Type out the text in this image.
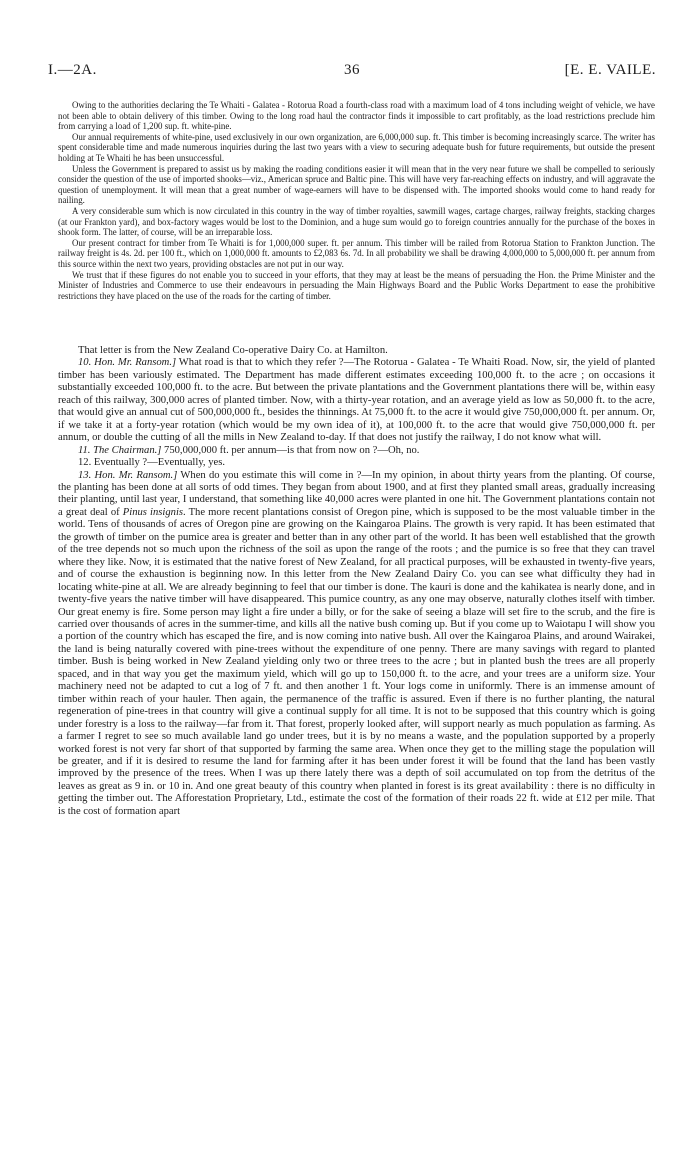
I.—2A.	36	[E. E. VAILE.

Owing to the authorities declaring the Te Whaiti - Galatea - Rotorua Road a fourth-class road with a maximum load of 4 tons including weight of vehicle, we have not been able to obtain delivery of this timber. Owing to the long road haul the contractor finds it impossible to cart profitably, as the load restrictions preclude him from carrying a load of 1,200 sup. ft. white-pine.

Our annual requirements of white-pine, used exclusively in our own organization, are 6,000,000 sup. ft. This timber is becoming increasingly scarce. The writer has spent considerable time and made numerous inquiries during the last two years with a view to securing adequate bush for future requirements, but outside the present holding at Te Whaiti he has been unsuccessful.

Unless the Government is prepared to assist us by making the roading conditions easier it will mean that in the very near future we shall be compelled to seriously consider the question of the use of imported shooks—viz., American spruce and Baltic pine. This will have very far-reaching effects on industry, and will aggravate the question of unemployment. It will mean that a great number of wage-earners will have to be dispensed with. The imported shooks would come to hand ready for nailing.

A very considerable sum which is now circulated in this country in the way of timber royalties, sawmill wages, cartage charges, railway freights, stacking charges (at our Frankton yard), and box-factory wages would be lost to the Dominion, and a huge sum would go to foreign countries annually for the purchase of the boxes in shook form. The latter, of course, will be an irreparable loss.

Our present contract for timber from Te Whaiti is for 1,000,000 super. ft. per annum. This timber will be railed from Rotorua Station to Frankton Junction. The railway freight is 4s. 2d. per 100 ft., which on 1,000,000 ft. amounts to £2,083 6s. 7d. In all probability we shall be drawing 4,000,000 to 5,000,000 ft. per annum from this source within the next two years, providing obstacles are not put in our way.

We trust that if these figures do not enable you to succeed in your efforts, that they may at least be the means of persuading the Hon. the Prime Minister and the Minister of Industries and Commerce to use their endeavours in persuading the Main Highways Board and the Public Works Department to ease the prohibitive restrictions they have placed on the use of the roads for the carting of timber.

That letter is from the New Zealand Co-operative Dairy Co. at Hamilton.

10. Hon. Mr. Ransom.] What road is that to which they refer ?—The Rotorua - Galatea - Te Whaiti Road. Now, sir, the yield of planted timber has been variously estimated. The Department has made different estimates exceeding 100,000 ft. to the acre ; on occasions it substantially exceeded 100,000 ft. to the acre. But between the private plantations and the Government plantations there will be, within easy reach of this railway, 300,000 acres of planted timber. Now, with a thirty-year rotation, and an average yield as low as 50,000 ft. to the acre, that would give an annual cut of 500,000,000 ft., besides the thinnings. At 75,000 ft. to the acre it would give 750,000,000 ft. per annum. Or, if we take it at a forty-year rotation (which would be my own idea of it), at 100,000 ft. to the acre that would give 750,000,000 ft. per annum, or double the cutting of all the mills in New Zealand to-day. If that does not justify the railway, I do not know what will.

11. The Chairman.] 750,000,000 ft. per annum—is that from now on ?—Oh, no.

12. Eventually ?—Eventually, yes.

13. Hon. Mr. Ransom.] When do you estimate this will come in ?—In my opinion, in about thirty years from the planting. Of course, the planting has been done at all sorts of odd times. They began from about 1900, and at first they planted small areas, gradually increasing their planting, until last year, I understand, that something like 40,000 acres were planted in one hit. The Government plantations contain not a great deal of Pinus insignis. The more recent plantations consist of Oregon pine, which is supposed to be the most valuable timber in the world. Tens of thousands of acres of Oregon pine are growing on the Kaingaroa Plains. The growth is very rapid. It has been estimated that the growth of timber on the pumice area is greater and better than in any other part of the world. It has been well established that the growth of the tree depends not so much upon the richness of the soil as upon the range of the roots ; and the pumice is so free that they can travel where they like. Now, it is estimated that the native forest of New Zealand, for all practical purposes, will be exhausted in twenty-five years, and of course the exhaustion is beginning now. In this letter from the New Zealand Dairy Co. you can see what difficulty they had in locating white-pine at all. We are already beginning to feel that our timber is done. The kauri is done and the kahikatea is nearly done, and in twenty-five years the native timber will have disappeared. This pumice country, as any one may observe, naturally clothes itself with timber. Our great enemy is fire. Some person may light a fire under a billy, or for the sake of seeing a blaze will set fire to the scrub, and the fire is carried over thousands of acres in the summer-time, and kills all the native bush coming up. But if you come up to Waiotapu I will show you a portion of the country which has escaped the fire, and is now coming into native bush. All over the Kaingaroa Plains, and around Wairakei, the land is being naturally covered with pine-trees without the expenditure of one penny. There are many savings with regard to planted timber. Bush is being worked in New Zealand yielding only two or three trees to the acre ; but in planted bush the trees are all properly spaced, and in that way you get the maximum yield, which will go up to 150,000 ft. to the acre, and your trees are a uniform size. Your machinery need not be adapted to cut a log of 7 ft. and then another 1 ft. Your logs come in uniformly. There is an immense amount of timber within reach of your hauler. Then again, the permanence of the traffic is assured. Even if there is no further planting, the natural regeneration of pine-trees in that country will give a continual supply for all time. It is not to be supposed that this country which is going under forestry is a loss to the railway—far from it. That forest, properly looked after, will support nearly as much population as farming. As a farmer I regret to see so much available land go under trees, but it is by no means a waste, and the population supported by a properly worked forest is not very far short of that supported by farming the same area. When once they get to the milling stage the population will be greater, and if it is desired to resume the land for farming after it has been under forest it will be found that the land has been vastly improved by the presence of the trees. When I was up there lately there was a depth of soil accumulated on top from the detritus of the leaves as great as 9 in. or 10 in. And one great beauty of this country when planted in forest is its great availability : there is no difficulty in getting the timber out. The Afforestation Proprietary, Ltd., estimate the cost of the formation of their roads 22 ft. wide at £12 per mile. That is the cost of formation apart
